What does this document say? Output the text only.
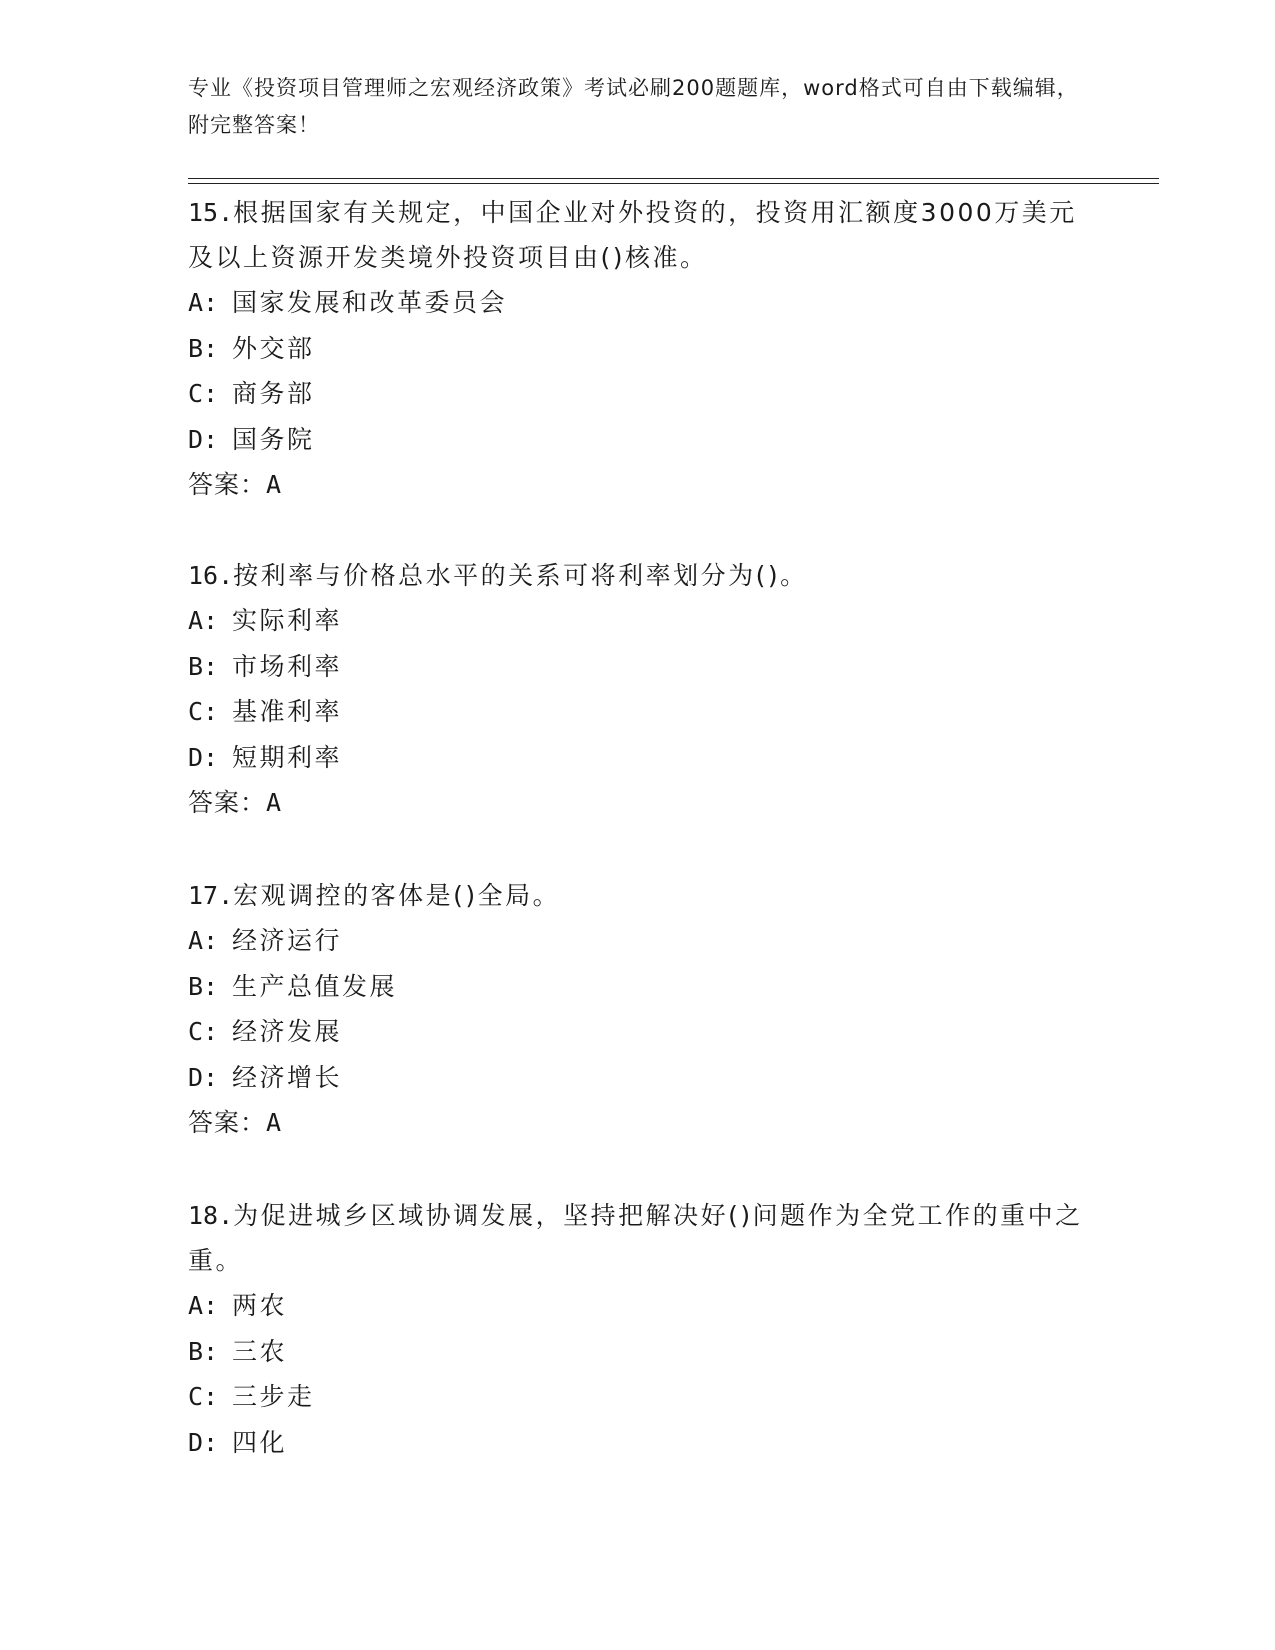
专业《投资项目管理师之宏观经济政策》考试必刷200题题库，word格式可自由下载编辑，附完整答案！

15.根据国家有关规定，中国企业对外投资的，投资用汇额度3000万美元及以上资源开发类境外投资项目由()核准。

A: 国家发展和改革委员会
B: 外交部
C: 商务部
D: 国务院
答案：A

16.按利率与价格总水平的关系可将利率划分为()。

A: 实际利率
B: 市场利率
C: 基准利率
D: 短期利率
答案：A

17.宏观调控的客体是()全局。

A: 经济运行
B: 生产总值发展
C: 经济发展
D: 经济增长
答案：A

18.为促进城乡区域协调发展，坚持把解决好()问题作为全党工作的重中之重。

A: 两农
B: 三农
C: 三步走
D: 四化
